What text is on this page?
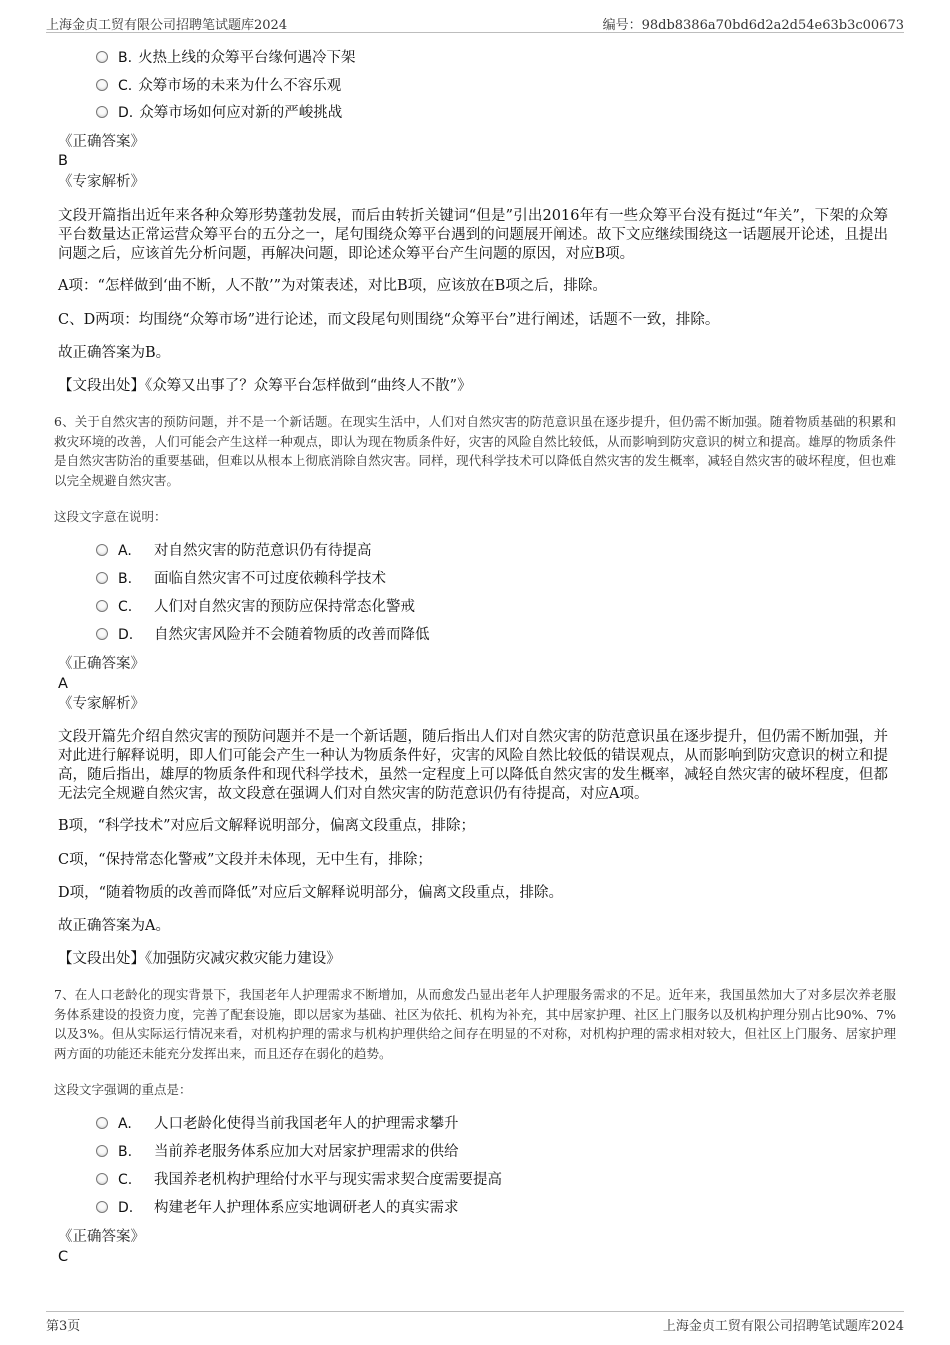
上海金贞工贸有限公司招聘笔试题库2024	编号：98db8386a70bd6d2a2d54e63b3c00673
B. 火热上线的众筹平台缘何遇冷下架
C. 众筹市场的未来为什么不容乐观
D. 众筹市场如何应对新的严峻挑战
《正确答案》
B
《专家解析》
文段开篇指出近年来各种众筹形势蓬勃发展，而后由转折关键词“但是”引出2016年有一些众筹平台没有挺过“年关”，下架的众筹平台数量达正常运营众筹平台的五分之一，尾句围绕众筹平台遇到的问题展开阐述。故下文应继续围绕这一话题展开论述，且提出问题之后，应该首先分析问题，再解决问题，即论述众筹平台产生问题的原因，对应B项。
A项：“怎样做到‘曲不断，人不散’”为对策表述，对比B项，应该放在B项之后，排除。
C、D两项：均围绕“众筹市场”进行论述，而文段尾句则围绕“众筹平台”进行阐述，话题不一致，排除。
故正确答案为B。
【文段出处】《众筹又出事了？众筹平台怎样做到“曲终人不散”》
6、关于自然灾害的预防问题，并不是一个新话题。在现实生活中，人们对自然灾害的防范意识虽在逐步提升，但仍需不断加强。随着物质基础的积累和救灾环境的改善，人们可能会产生这样一种观点，即认为现在物质条件好，灾害的风险自然比较低，从而影响到防灾意识的树立和提高。雄厚的物质条件是自然灾害防治的重要基础，但难以从根本上彻底消除自然灾害。同样，现代科学技术可以降低自然灾害的发生概率，减轻自然灾害的破坏程度，但也难以完全规避自然灾害。
这段文字意在说明：
A. 对自然灾害的防范意识仍有待提高
B. 面临自然灾害不可过度依赖科学技术
C. 人们对自然灾害的预防应保持常态化警戒
D. 自然灾害风险并不会随着物质的改善而降低
《正确答案》
A
《专家解析》
文段开篇先介绍自然灾害的预防问题并不是一个新话题，随后指出人们对自然灾害的防范意识虽在逐步提升，但仍需不断加强，并对此进行解释说明，即人们可能会产生一种认为物质条件好，灾害的风险自然比较低的错误观点，从而影响到防灾意识的树立和提高，随后指出，雄厚的物质条件和现代科学技术，虽然一定程度上可以降低自然灾害的发生概率，减轻自然灾害的破坏程度，但都无法完全规避自然灾害，故文段意在强调人们对自然灾害的防范意识仍有待提高，对应A项。
B项，“科学技术”对应后文解释说明部分，偏离文段重点，排除；
C项，“保持常态化警戒”文段并未体现，无中生有，排除；
D项，“随着物质的改善而降低”对应后文解释说明部分，偏离文段重点，排除。
故正确答案为A。
【文段出处】《加强防灾减灾救灾能力建设》
7、在人口老龄化的现实背景下，我国老年人护理需求不断增加，从而愈发凸显出老年人护理服务需求的不足。近年来，我国虽然加大了对多层次养老服务体系建设的投资力度，完善了配套设施，即以居家为基础、社区为依托、机构为补充，其中居家护理、社区上门服务以及机构护理分别占比90%、7%以及3%。但从实际运行情况来看，对机构护理的需求与机构护理供给之间存在明显的不对称，对机构护理的需求相对较大，但社区上门服务、居家护理两方面的功能还未能充分发挥出来，而且还存在弱化的趋势。
这段文字强调的重点是：
A. 人口老龄化使得当前我国老年人的护理需求攀升
B. 当前养老服务体系应加大对居家护理需求的供给
C. 我国养老机构护理给付水平与现实需求契合度需要提高
D. 构建老年人护理体系应实地调研老人的真实需求
《正确答案》
C
第3页	上海金贞工贸有限公司招聘笔试题库2024
